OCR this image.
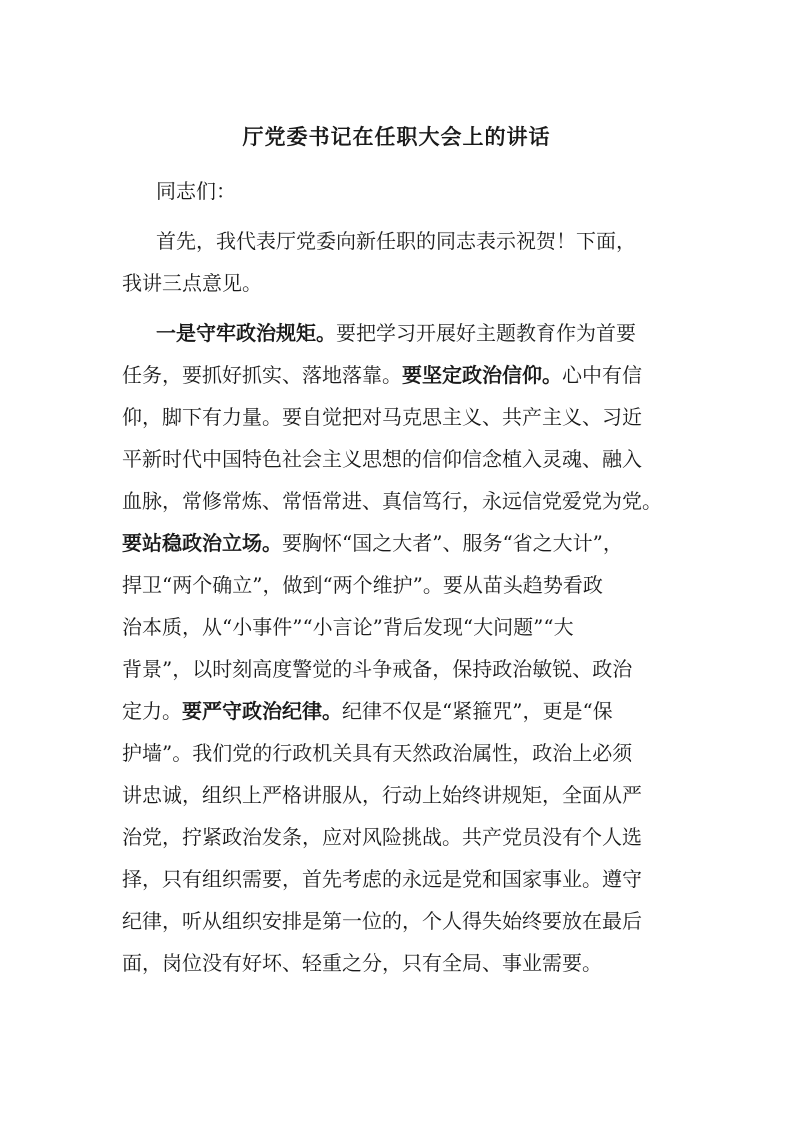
厅党委书记在任职大会上的讲话

同志们：

首先，我代表厅党委向新任职的同志表示祝贺！下面，

我讲三点意见。

一是守牢政治规矩。要把学习开展好主题教育作为首要

任务，要抓好抓实、落地落靠。要坚定政治信仰。心中有信

仰，脚下有力量。要自觉把对马克思主义、共产主义、习近

平新时代中国特色社会主义思想的信仰信念植入灵魂、融入

血脉，常修常炼、常悟常进、真信笃行，永远信党爱党为党。

要站稳政治立场。要胸怀“国之大者”、服务“省之大计”，

捍卫“两个确立”，做到“两个维护”。要从苗头趋势看政

治本质，从“小事件”“小言论”背后发现“大问题”“大

背景”，以时刻高度警觉的斗争戒备，保持政治敏锐、政治

定力。要严守政治纪律。纪律不仅是“紧箍咒”，更是“保

护墙”。我们党的行政机关具有天然政治属性，政治上必须

讲忠诚，组织上严格讲服从，行动上始终讲规矩，全面从严

治党，拧紧政治发条，应对风险挑战。共产党员没有个人选

择，只有组织需要，首先考虑的永远是党和国家事业。遵守

纪律，听从组织安排是第一位的，个人得失始终要放在最后

面，岗位没有好坏、轻重之分，只有全局、事业需要。
